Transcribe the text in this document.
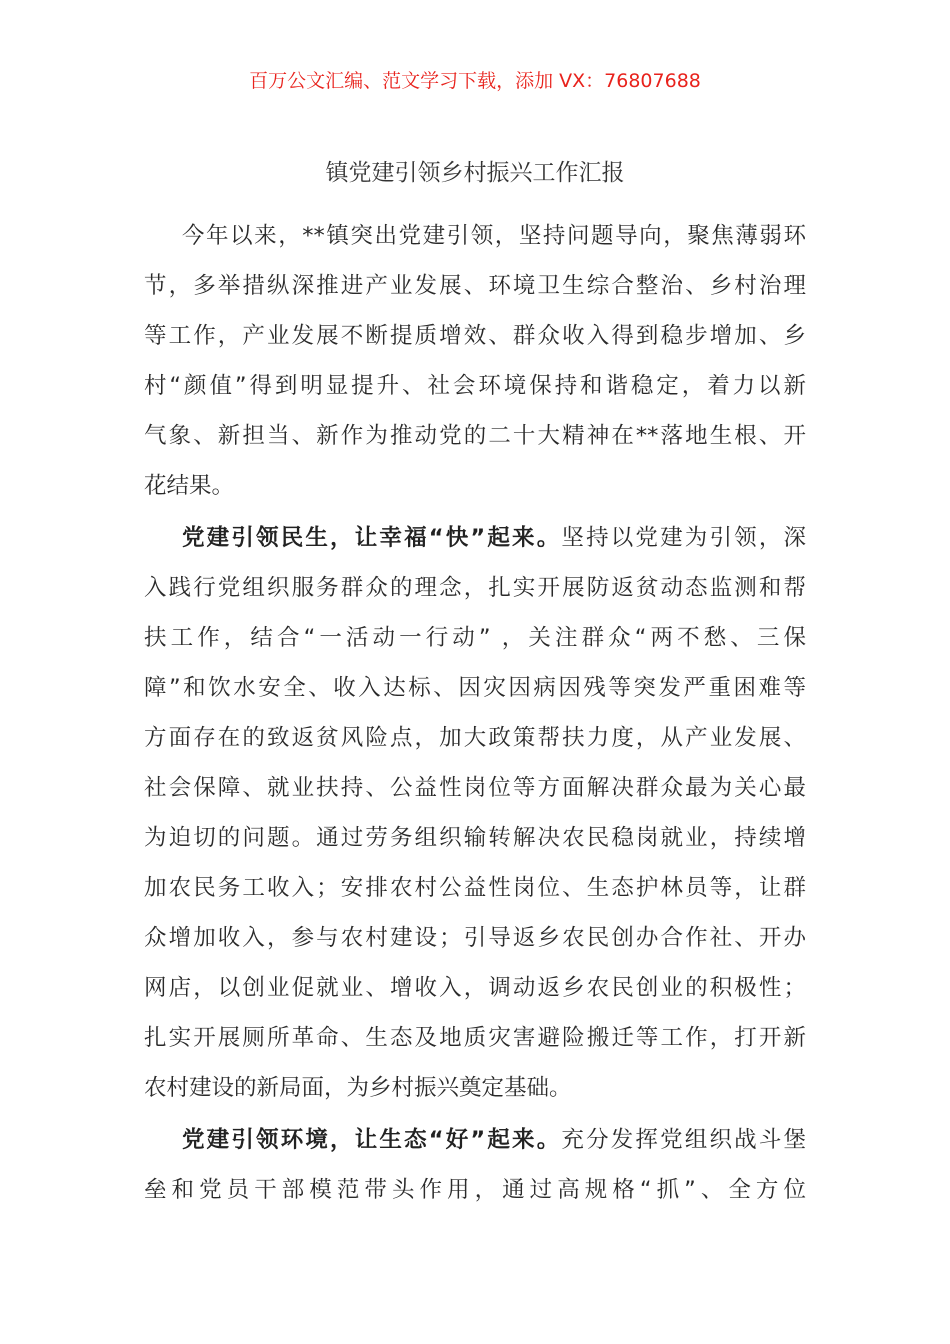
百万公文汇编、范文学习下载，添加 VX：76807688
镇党建引领乡村振兴工作汇报
今年以来，**镇突出党建引领，坚持问题导向，聚焦薄弱环
节，多举措纵深推进产业发展、环境卫生综合整治、乡村治理
等工作，产业发展不断提质增效、群众收入得到稳步增加、乡
村“颜值”得到明显提升、社会环境保持和谐稳定，着力以新
气象、新担当、新作为推动党的二十大精神在**落地生根、开
花结果。
党建引领民生，让幸福“快”起来。坚持以党建为引领，深
入践行党组织服务群众的理念，扎实开展防返贫动态监测和帮
扶工作，结合“一活动一行动” ，关注群众“两不愁、三保
障”和饮水安全、收入达标、因灾因病因残等突发严重困难等
方面存在的致返贫风险点，加大政策帮扶力度，从产业发展、
社会保障、就业扶持、公益性岗位等方面解决群众最为关心最
为迫切的问题。通过劳务组织输转解决农民稳岗就业，持续增
加农民务工收入；安排农村公益性岗位、生态护林员等，让群
众增加收入，参与农村建设；引导返乡农民创办合作社、开办
网店，以创业促就业、增收入，调动返乡农民创业的积极性；
扎实开展厕所革命、生态及地质灾害避险搬迁等工作，打开新
农村建设的新局面，为乡村振兴奠定基础。
党建引领环境，让生态“好”起来。充分发挥党组织战斗堡
垒和党员干部模范带头作用，通过高规格“抓”、全方位
